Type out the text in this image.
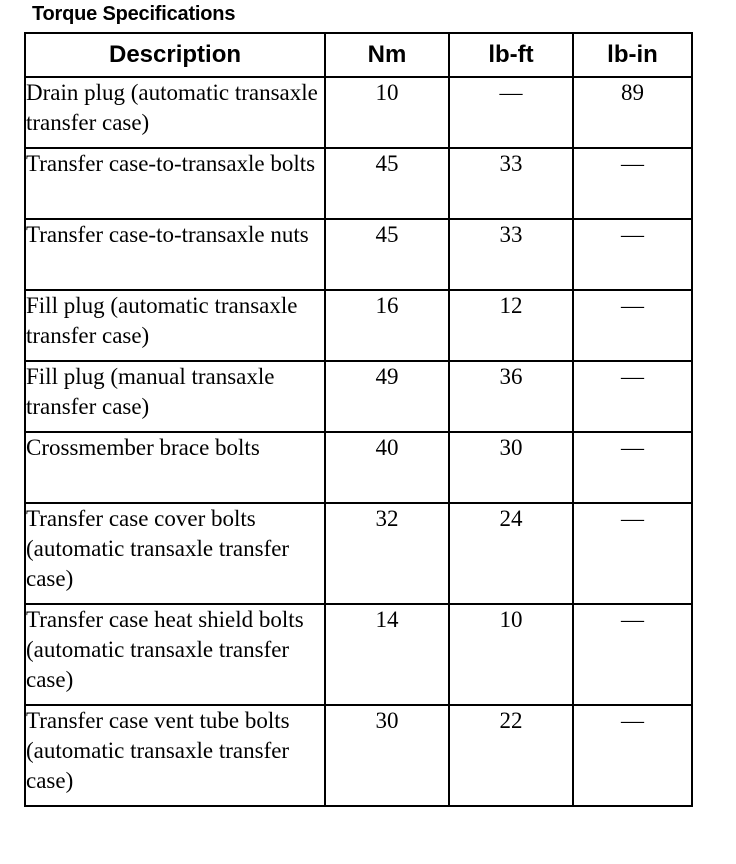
Torque Specifications
Description	Nm	lb-ft	lb-in
Drain plug (automatic transaxle transfer case)	10	—	89
Transfer case-to-transaxle bolts	45	33	—
Transfer case-to-transaxle nuts	45	33	—
Fill plug (automatic transaxle transfer case)	16	12	—
Fill plug (manual transaxle transfer case)	49	36	—
Crossmember brace bolts	40	30	—
Transfer case cover bolts (automatic transaxle transfer case)	32	24	—
Transfer case heat shield bolts (automatic transaxle transfer case)	14	10	—
Transfer case vent tube bolts (automatic transaxle transfer case)	30	22	—
